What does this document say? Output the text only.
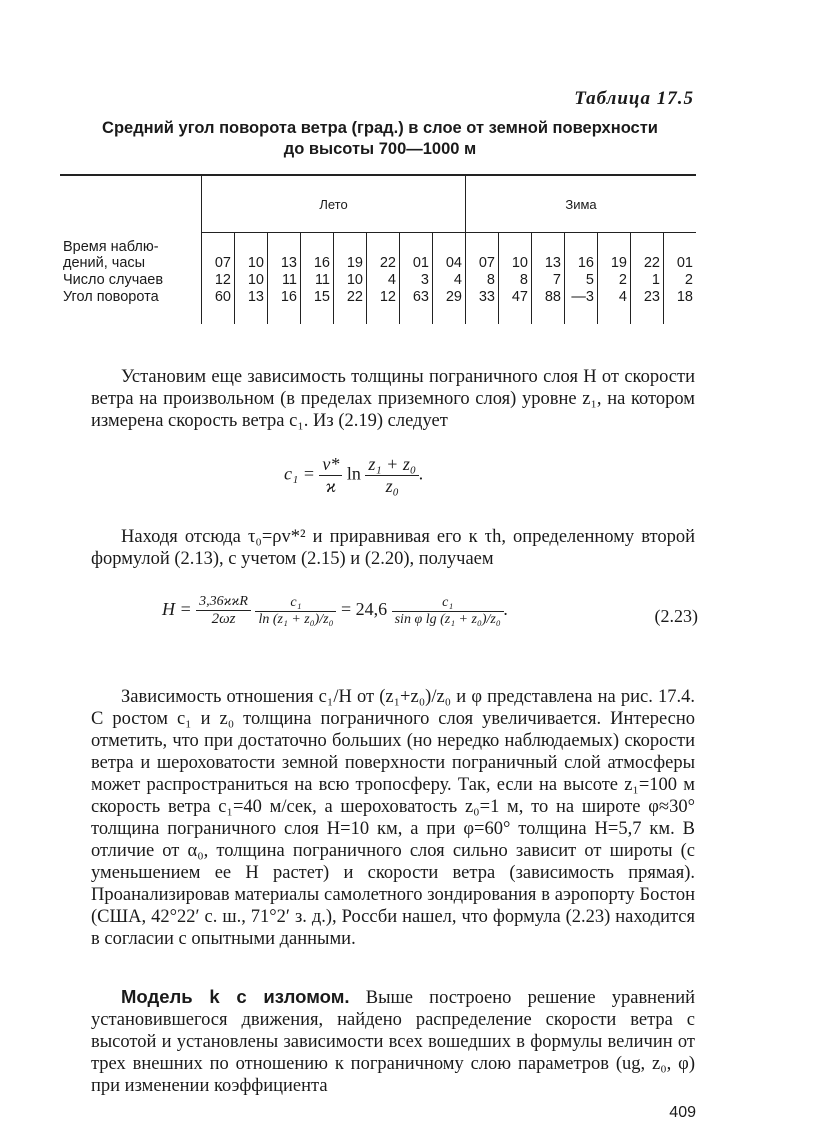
Таблица 17.5
Средний угол поворота ветра (град.) в слое от земной поверхности
до высоты 700—1000 м
	Лето								Зима						
Время наблю-															
дений, часы	07	10	13	16	19	22	01	04	07	10	13	16	19	22	01
Число случаев	12	10	11	11	10	4	3	4	8	8	7	5	2	1	2
Угол поворота	60	13	16	15	22	12	63	29	33	47	88	—3	4	23	18
Установим еще зависимость толщины пограничного слоя H от скорости ветра на произвольном (в пределах приземного слоя) уровне z₁, на котором измерена скорость ветра c₁. Из (2.19) следует
$c_1 = \frac{v*}{ϰ}$ $\ln \frac{\text{z₁ + z₀}}{\text{z₀}}$ .
Находя отсюда τ₀=ρv*² и приравнивая его к τh, определенному второй формулой (2.13), с учетом (2.15) и (2.20), получаем
$H = \frac{\text{3,36ϰϰR}}{2\omega z}$
$\frac{\text{c₁}}{\text{ln (z₁ + z₀)/z₀}} = 24,6 \frac{\text{c₁}}{\text{sin φ lg (z₁ + z₀)/z₀}}$ .	(2.23)
Зависимость отношения c₁/H от (z₁+z₀)/z₀ и φ представлена на рис. 17.4. С ростом c₁ и z₀ толщина пограничного слоя увеличивается. Интересно отметить, что при достаточно больших (но нередко наблюдаемых) скорости ветра и шероховатости земной поверхности пограничный слой атмосферы может распространиться на всю тропосферу. Так, если на высоте z₁=100 м скорость ветра c₁=40 м/сек, а шероховатость z₀=1 м, то на широте φ≈30° толщина пограничного слоя H=10 км, а при φ=60° толщина H=5,7 км. В отличие от α₀, толщина пограничного слоя сильно зависит от широты (с уменьшением ее H растет) и скорости ветра (зависимость прямая). Проанализировав материалы самолетного зондирования в аэропорту Бостон (США, 42°22′ с. ш., 71°2′ з. д.), Россби нашел, что формула (2.23) находится в согласии с опытными данными.
Модель k с изломом. Выше построено решение уравнений установившегося движения, найдено распределение скорости ветра с высотой и установлены зависимости всех вошедших в формулы величин от трех внешних по отношению к пограничному слою параметров (ug, z₀, φ) при изменении коэффициента
409
